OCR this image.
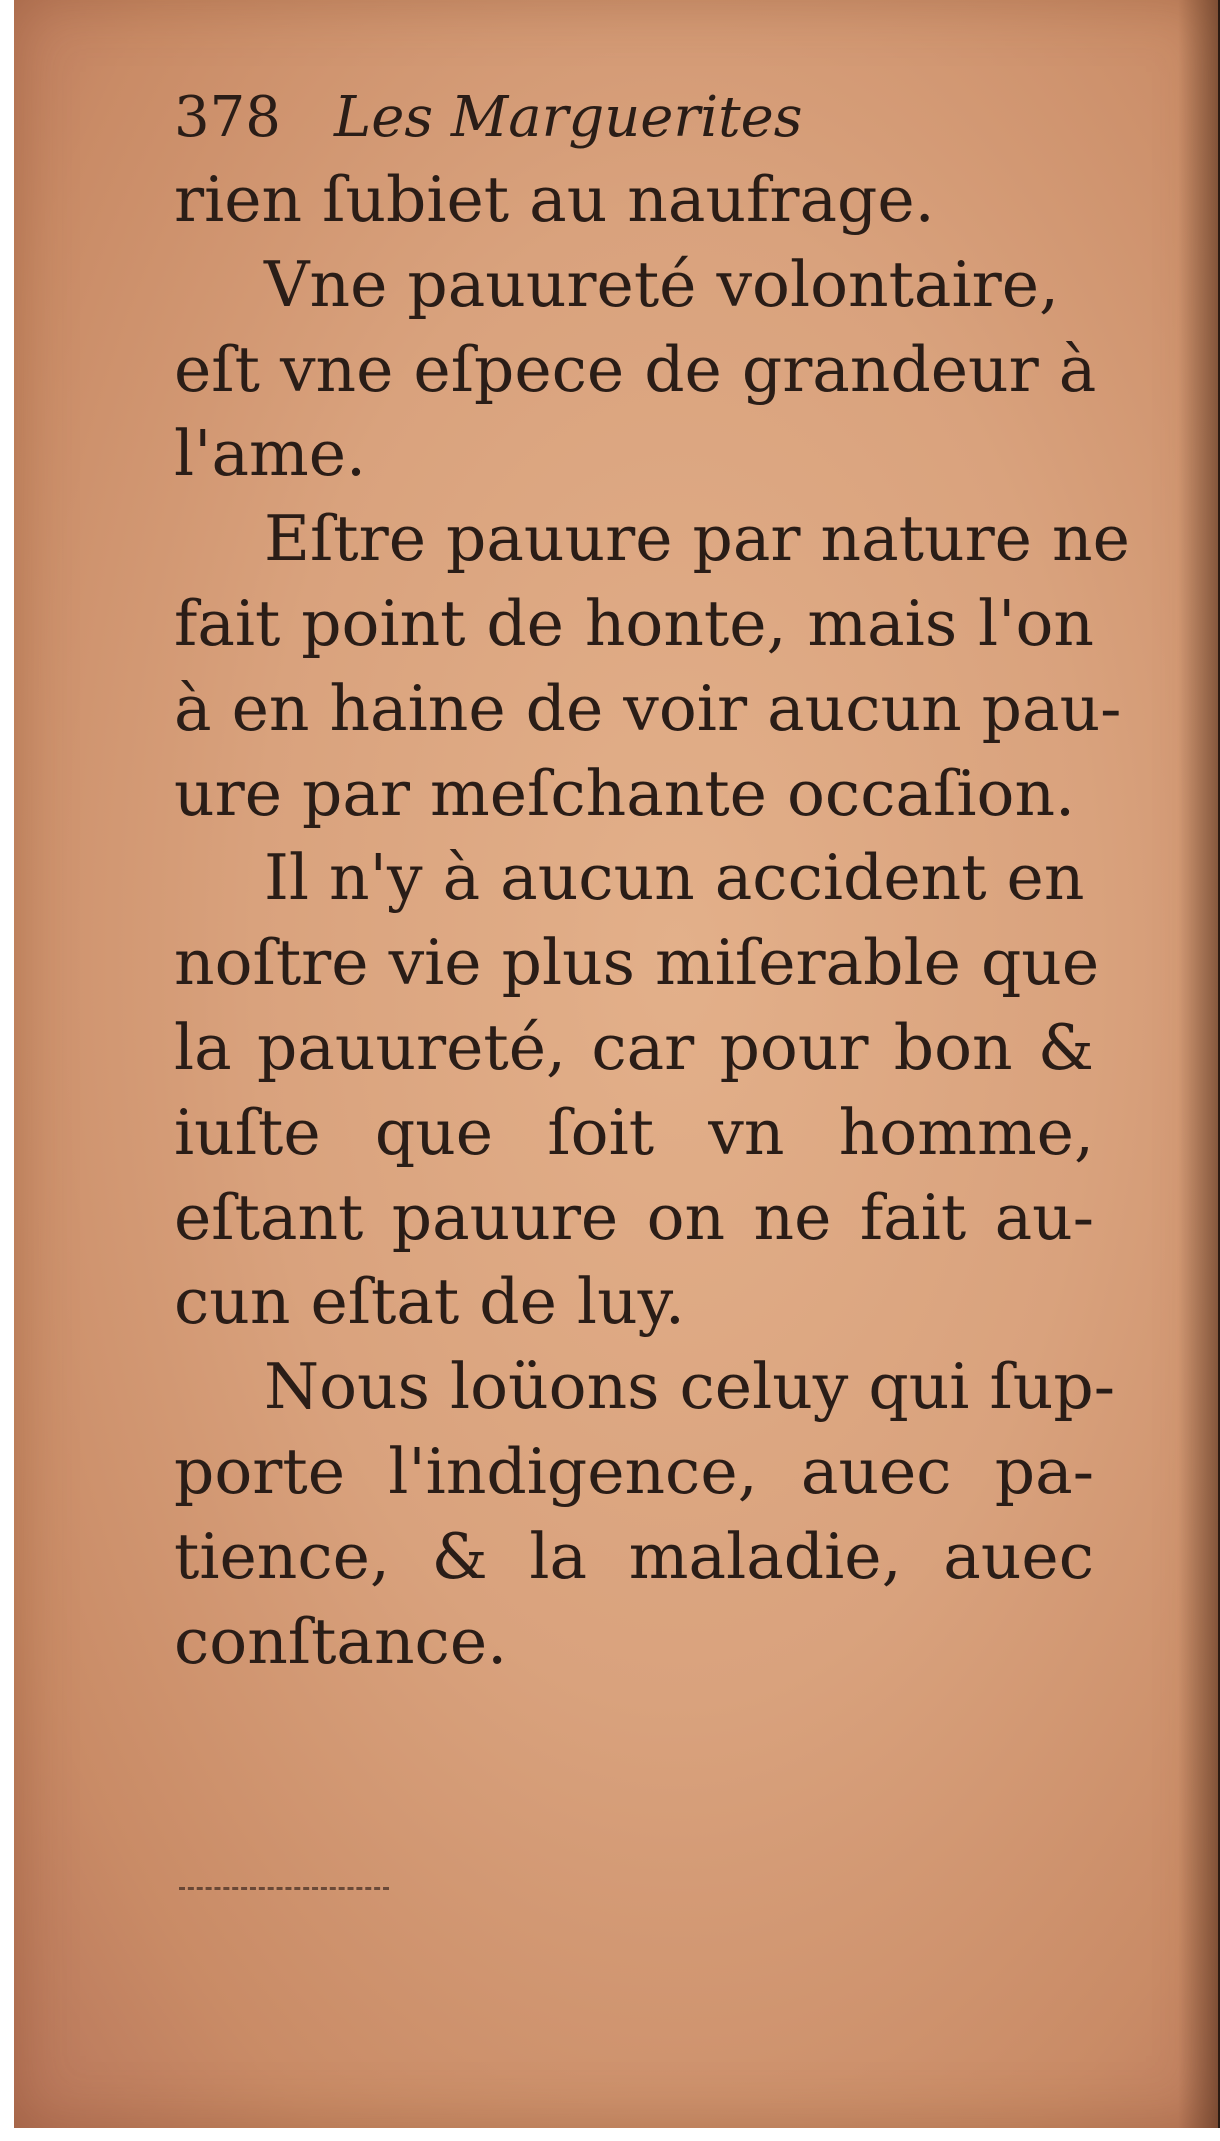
378 Les Marguerites
rien ſubiet au naufrage.
Vne pauureté volontaire,
eſt vne eſpece de grandeur à
l'ame.
Eſtre pauure par nature ne
fait point de honte, mais l'on
à en haine de voir aucun pau-
ure par meſchante occaſion.
Il n'y à aucun accident en
noſtre vie plus miſerable que
la pauureté, car pour bon &
iuſte que ſoit vn homme,
eſtant pauure on ne fait au-
cun eſtat de luy.
Nous loüons celuy qui ſup-
porte l'indigence, auec pa-
tience, & la maladie, auec
conſtance.
